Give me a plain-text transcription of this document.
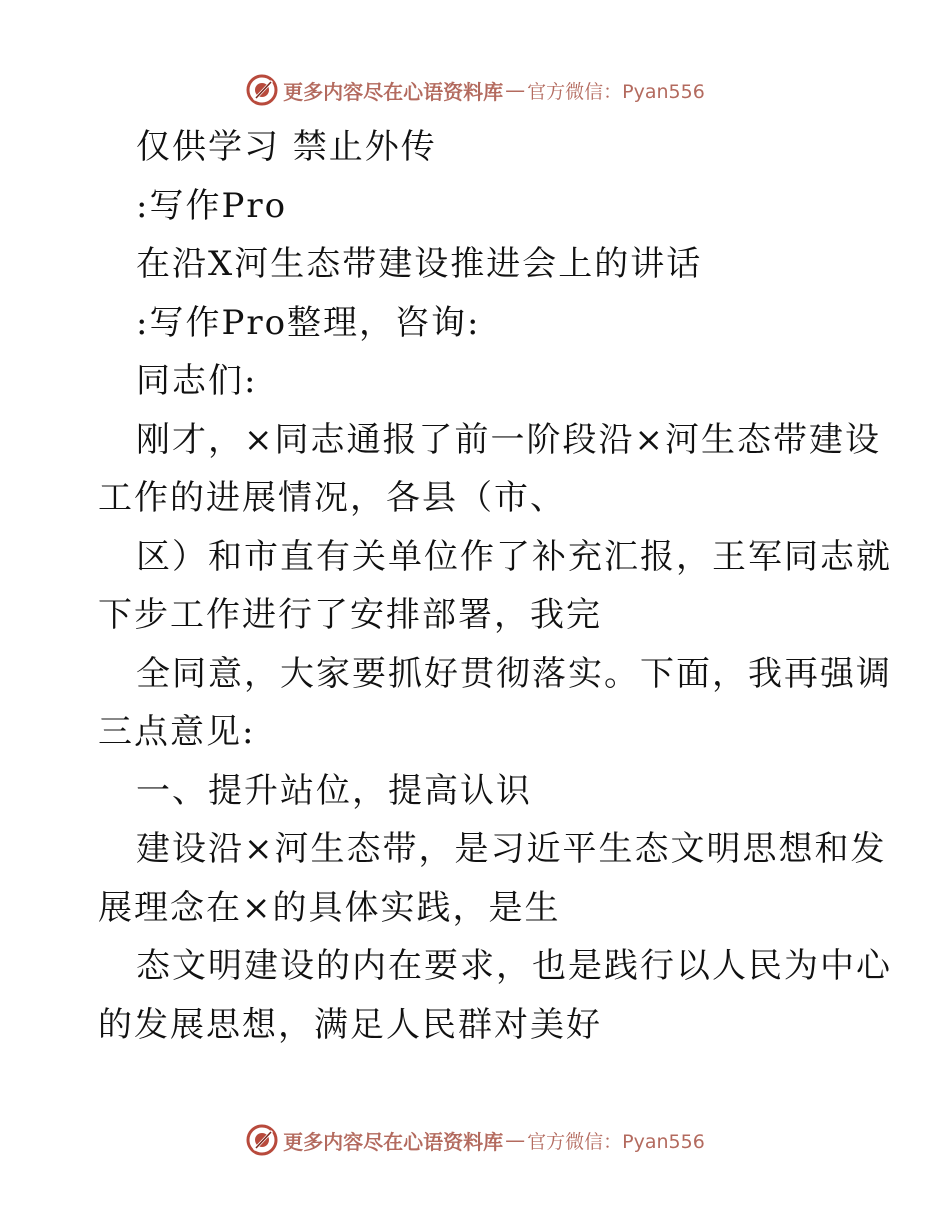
更多内容尽在心语资料库 — 官方微信：Pyan556
仅供学习 禁止外传
:写作Pro
在沿X河生态带建设推进会上的讲话
:写作Pro整理，咨询:
同志们:
刚才，×同志通报了前一阶段沿×河生态带建设
工作的进展情况，各县（市、
区）和市直有关单位作了补充汇报，王军同志就
下步工作进行了安排部署，我完
全同意，大家要抓好贯彻落实。下面，我再强调
三点意见:
一、提升站位，提高认识
建设沿×河生态带，是习近平生态文明思想和发
展理念在×的具体实践，是生
态文明建设的内在要求，也是践行以人民为中心
的发展思想，满足人民群对美好
更多内容尽在心语资料库 — 官方微信：Pyan556
